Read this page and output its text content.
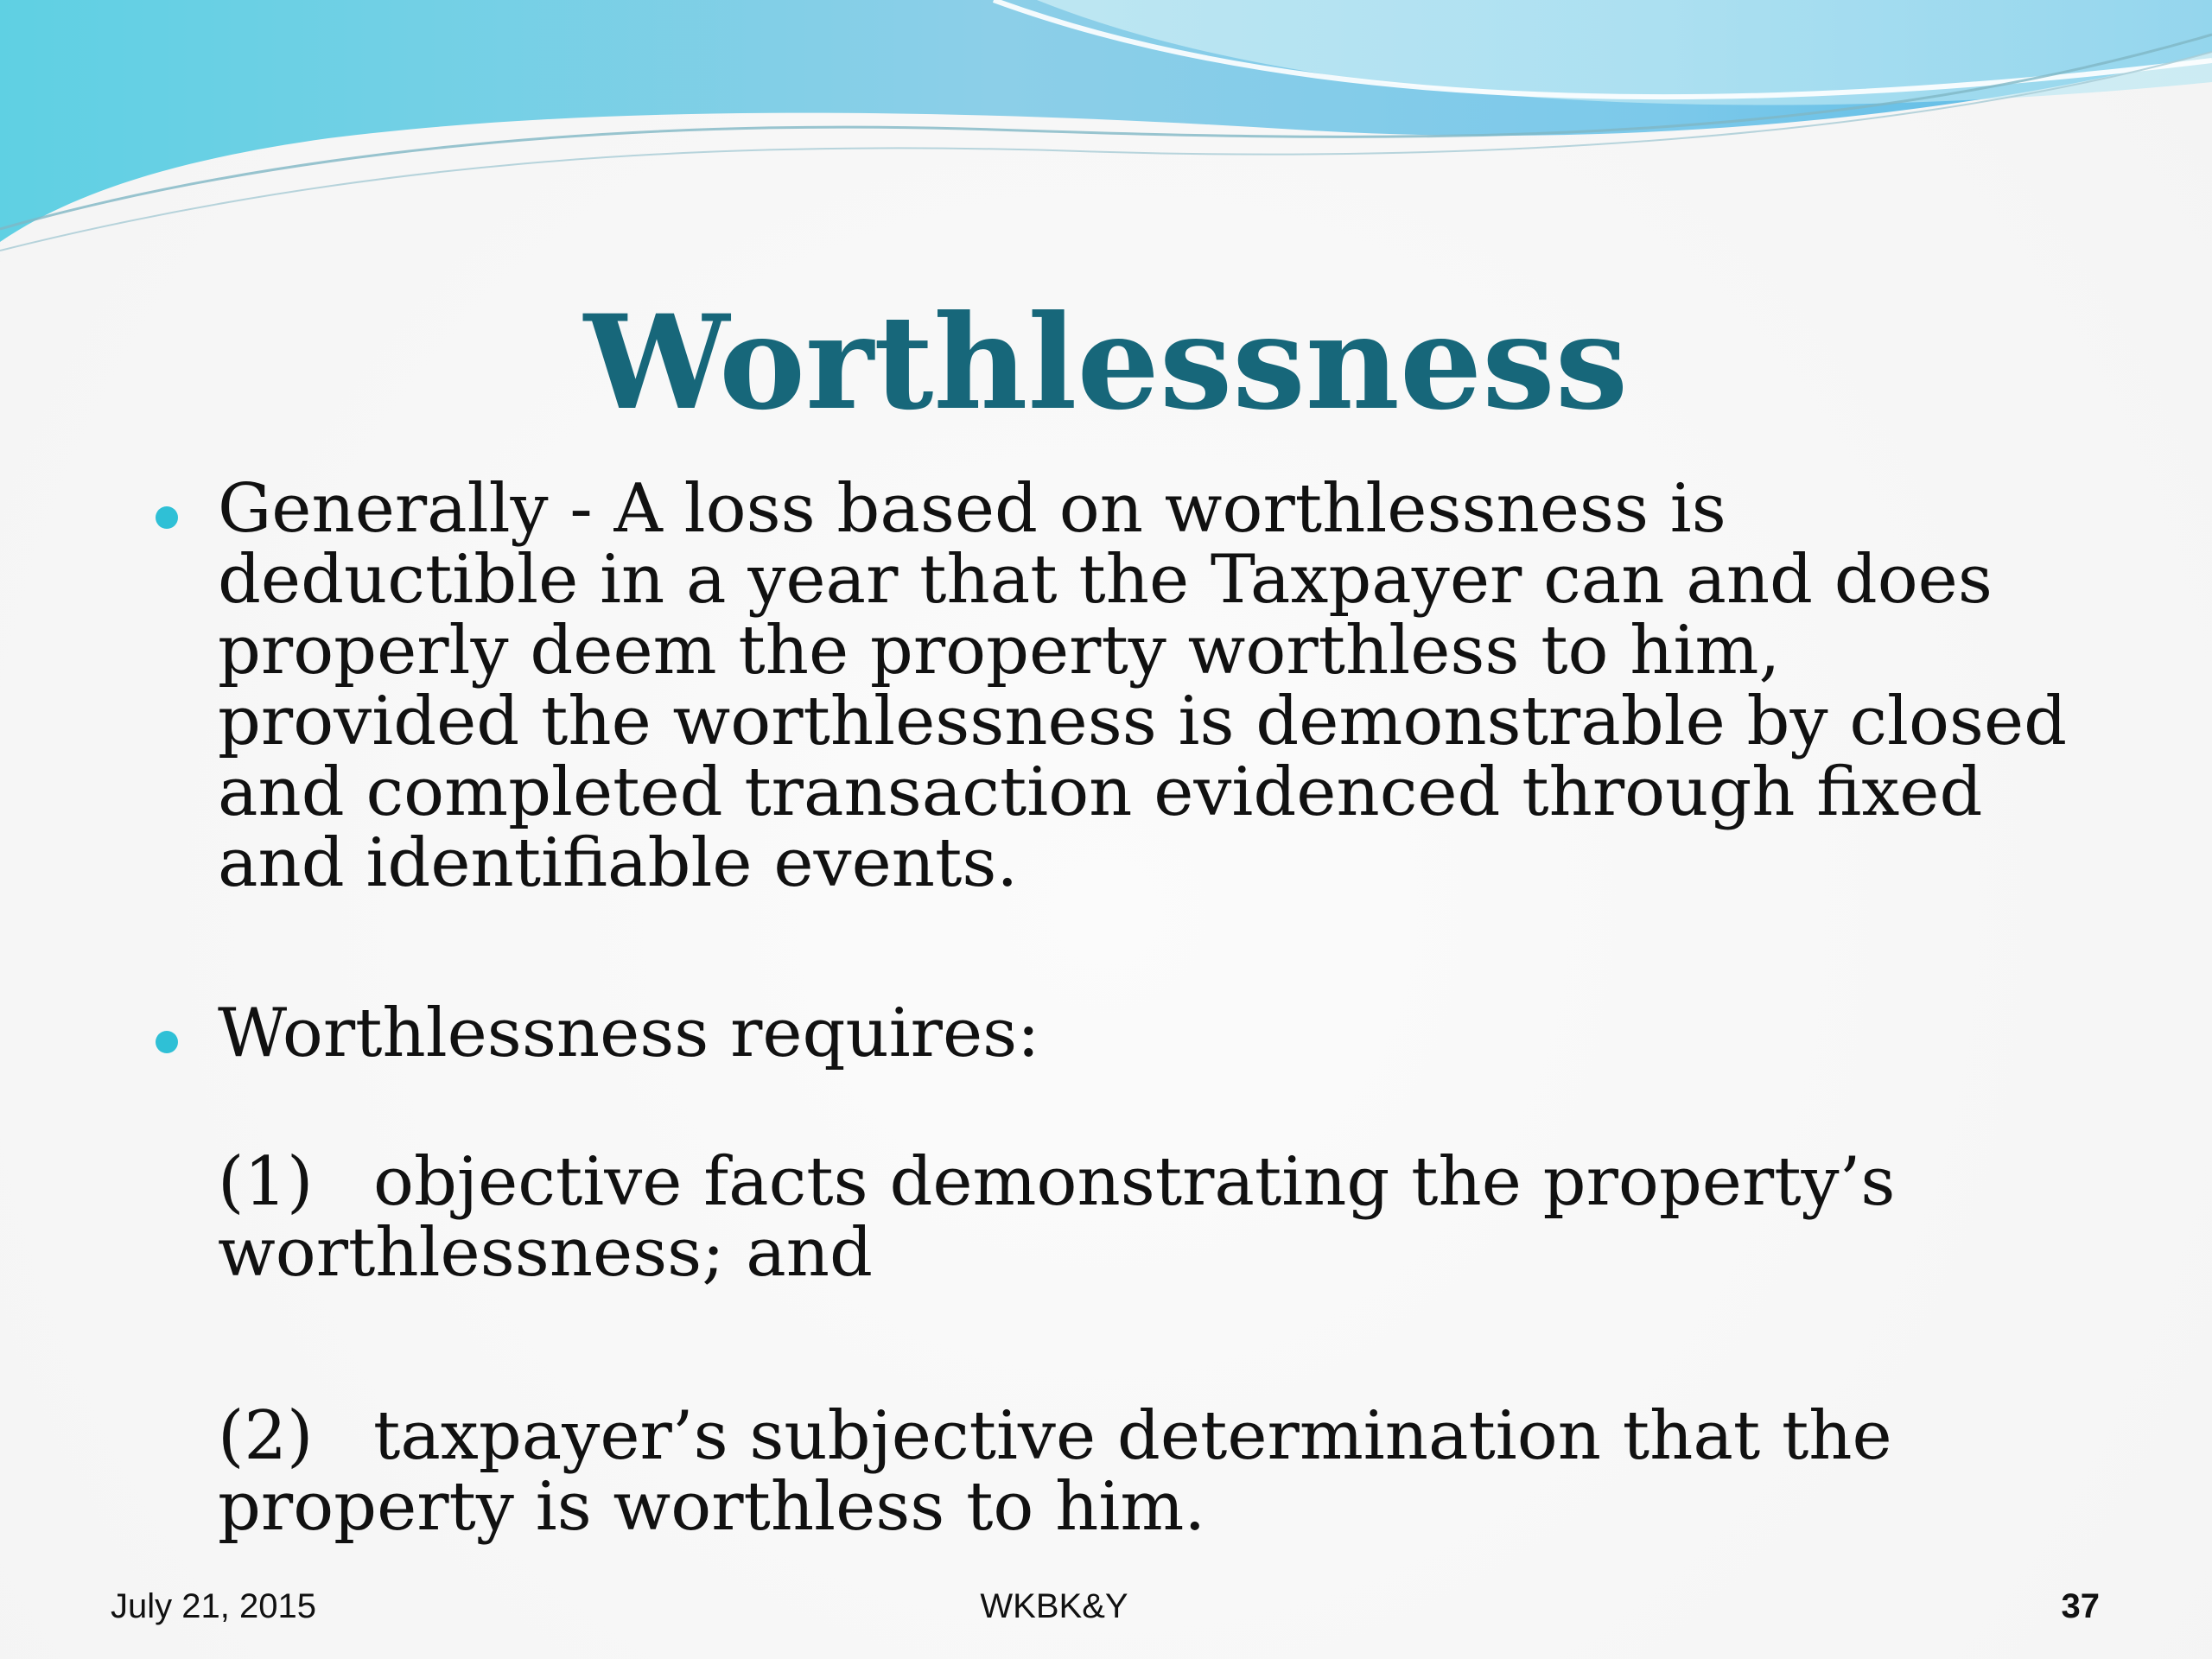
Worthlessness
Generally - A loss based on worthlessness is deductible in a year that the Taxpayer can and does properly deem the property worthless to him, provided the worthlessness is demonstrable by closed and completed transaction evidenced through fixed and identifiable events.
Worthlessness requires:
(1) objective facts demonstrating the property’s worthlessness; and
(2) taxpayer’s subjective determination that the property is worthless to him.
July 21, 2015	WKBK&Y	37
